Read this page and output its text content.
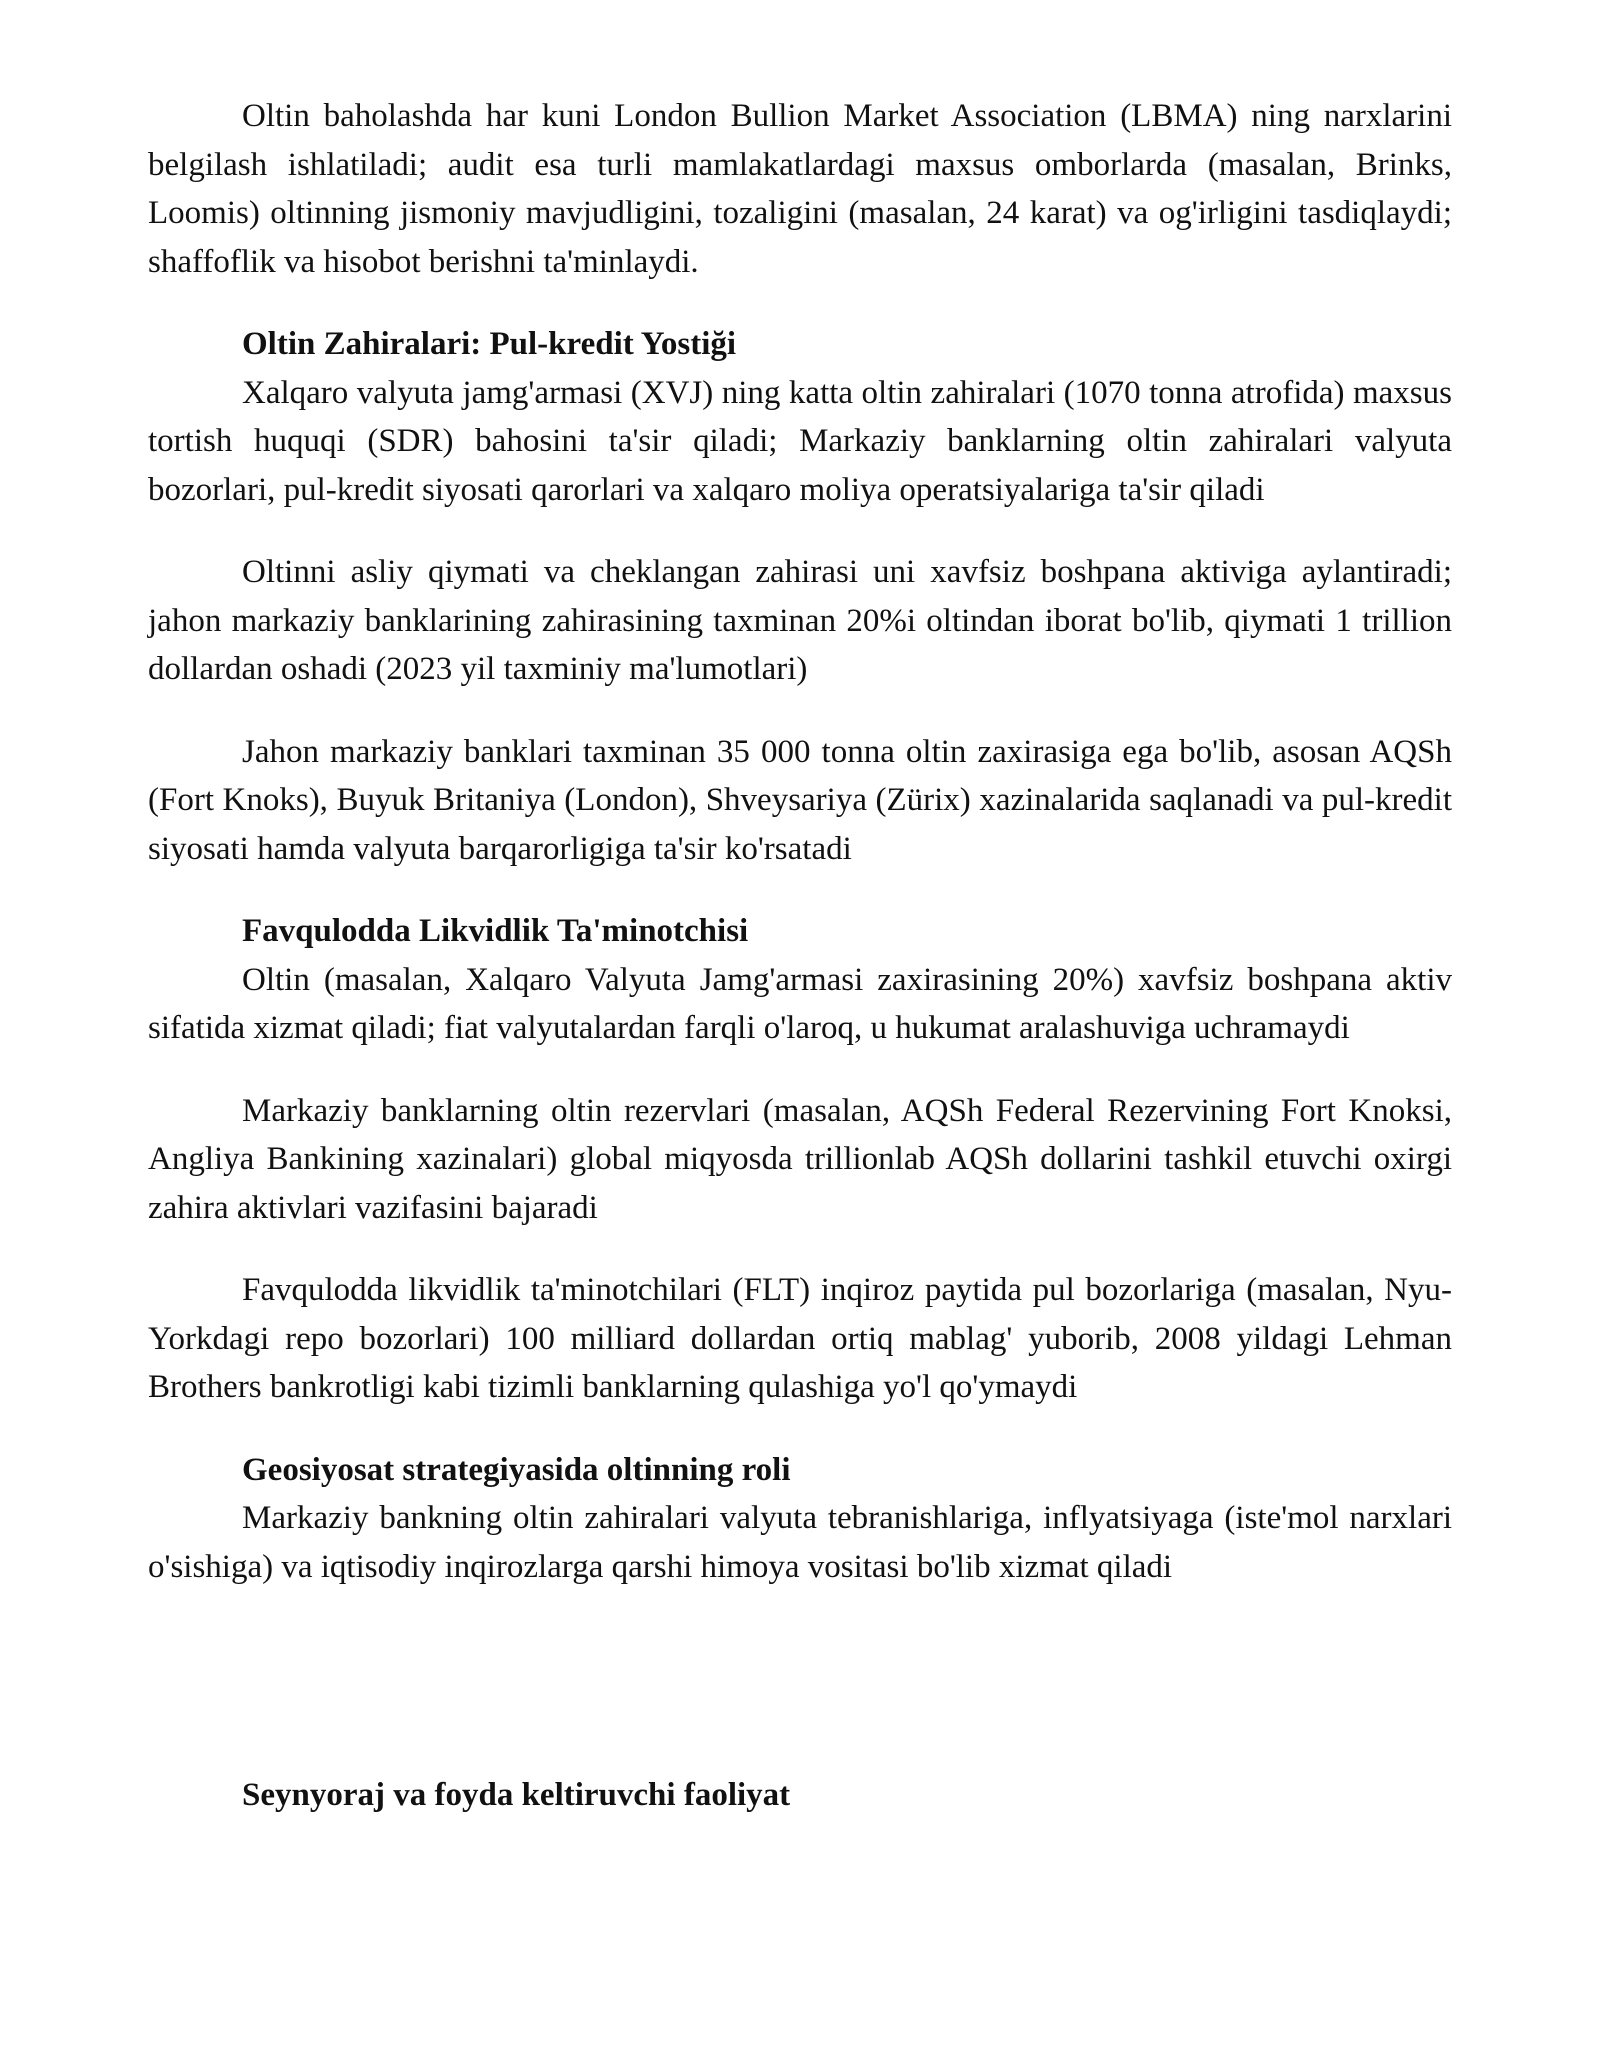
Oltin baholashda har kuni London Bullion Market Association (LBMA) ning narxlarini belgilash ishlatiladi; audit esa turli mamlakatlardagi maxsus omborlarda (masalan, Brinks, Loomis) oltinning jismoniy mavjudligini, tozaligini (masalan, 24 karat) va og'irligini tasdiqlaydi; shaffoflik va hisobot berishni ta'minlaydi.

Oltin Zahiralari: Pul-kredit Yostiği

Xalqaro valyuta jamg'armasi (XVJ) ning katta oltin zahiralari (1070 tonna atrofida) maxsus tortish huquqi (SDR) bahosini ta'sir qiladi; Markaziy banklarning oltin zahiralari valyuta bozorlari, pul-kredit siyosati qarorlari va xalqaro moliya operatsiyalariga ta'sir qiladi

Oltinni asliy qiymati va cheklangan zahirasi uni xavfsiz boshpana aktiviga aylantiradi; jahon markaziy banklarining zahirasining taxminan 20%i oltindan iborat bo'lib, qiymati 1 trillion dollardan oshadi (2023 yil taxminiy ma'lumotlari)

Jahon markaziy banklari taxminan 35 000 tonna oltin zaxirasiga ega bo'lib, asosan AQSh (Fort Knoks), Buyuk Britaniya (London), Shveysariya (Zürix) xazinalarida saqlanadi va pul-kredit siyosati hamda valyuta barqarorligiga ta'sir ko'rsatadi

Favqulodda Likvidlik Ta'minotchisi

Oltin (masalan, Xalqaro Valyuta Jamg'armasi zaxirasining 20%) xavfsiz boshpana aktiv sifatida xizmat qiladi; fiat valyutalardan farqli o'laroq, u hukumat aralashuviga uchramaydi

Markaziy banklarning oltin rezervlari (masalan, AQSh Federal Rezervining Fort Knoksi, Angliya Bankining xazinalari) global miqyosda trillionlab AQSh dollarini tashkil etuvchi oxirgi zahira aktivlari vazifasini bajaradi

Favqulodda likvidlik ta'minotchilari (FLT) inqiroz paytida pul bozorlariga (masalan, Nyu-Yorkdagi repo bozorlari) 100 milliard dollardan ortiq mablag' yuborib, 2008 yildagi Lehman Brothers bankrotligi kabi tizimli banklarning qulashiga yo'l qo'ymaydi

Geosiyosat strategiyasida oltinning roli

Markaziy bankning oltin zahiralari valyuta tebranishlariga, inflyatsiyaga (iste'mol narxlari o'sishiga) va iqtisodiy inqirozlarga qarshi himoya vositasi bo'lib xizmat qiladi

Seynyoraj va foyda keltiruvchi faoliyat
